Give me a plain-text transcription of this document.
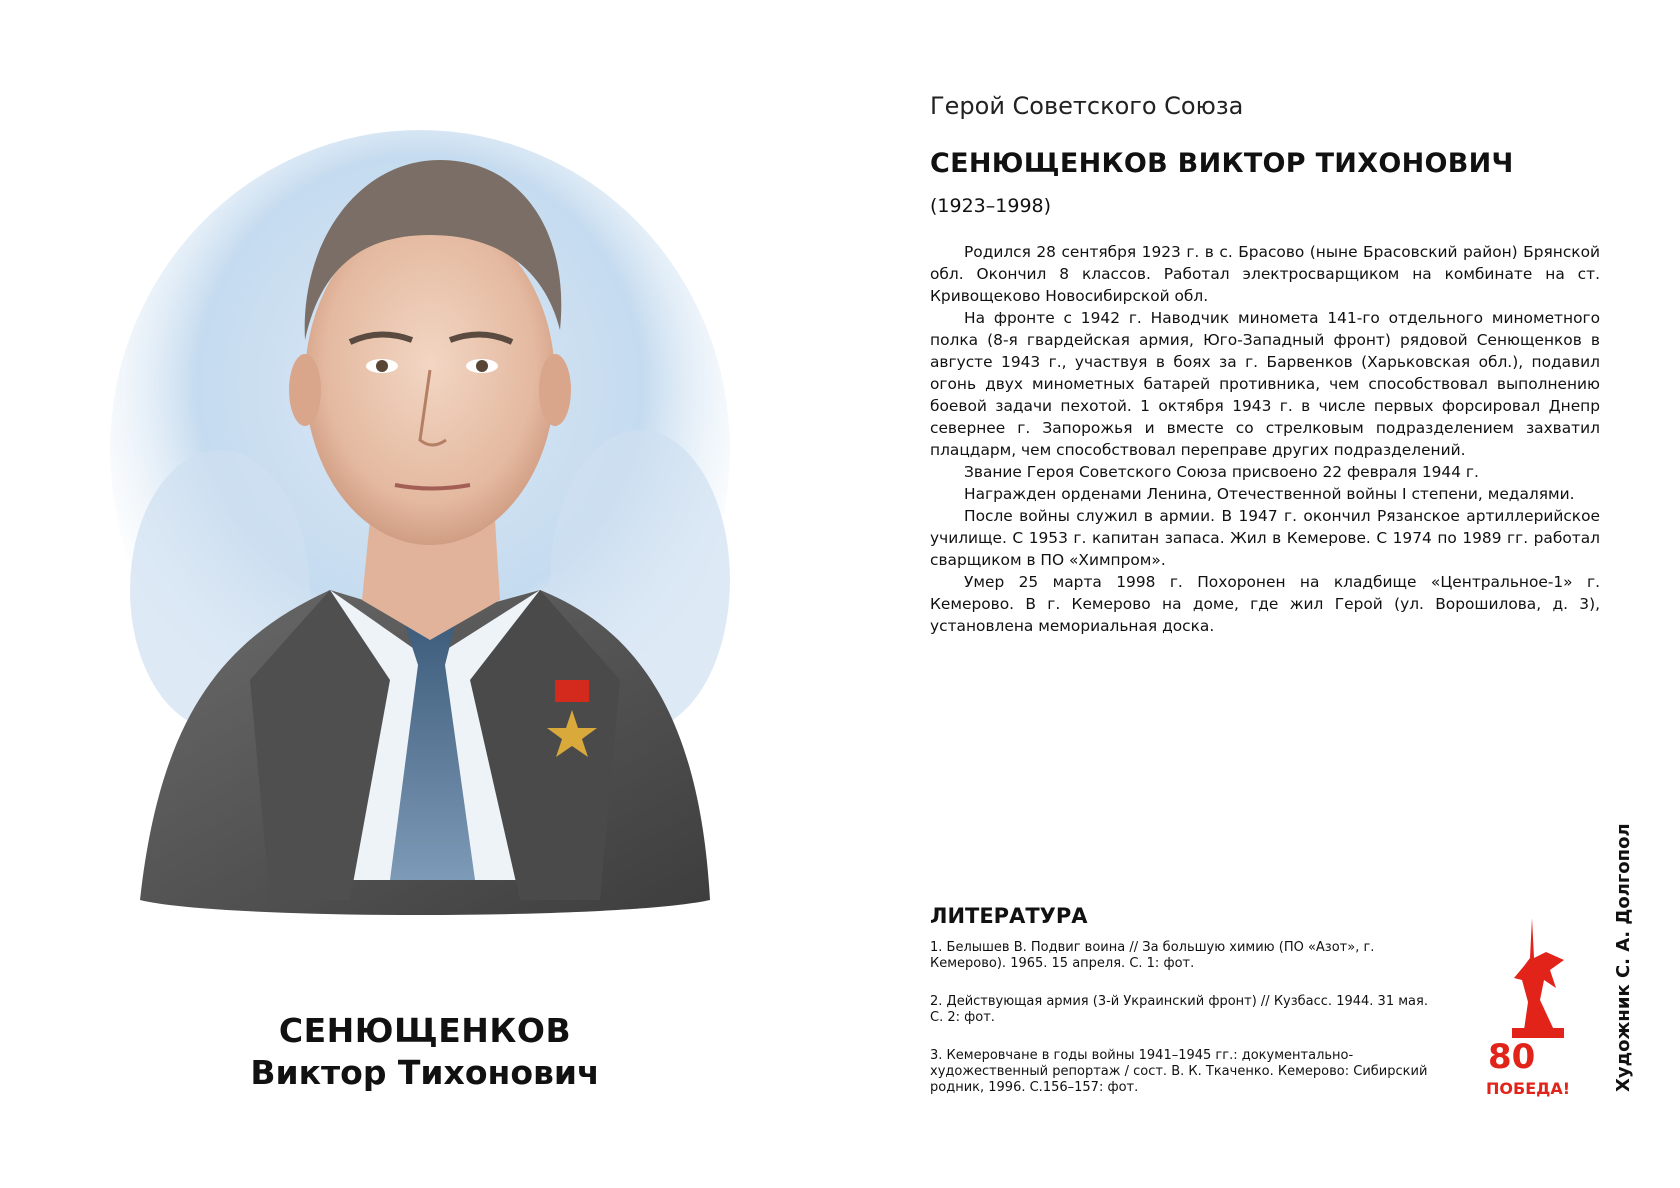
СЕНЮЩЕНКОВ
Виктор Тихонович
Герой Советского Союза
СЕНЮЩЕНКОВ ВИКТОР ТИХОНОВИЧ
(1923–1998)

Родился 28 сентября 1923 г. в с. Брасово (ныне Брасовский район) Брянской обл. Окончил 8 классов. Работал электросварщиком на комбинате на ст. Кривощеково Новосибирской обл.

На фронте с 1942 г. Наводчик миномета 141-го отдельного минометного полка (8-я гвардейская армия, Юго-Западный фронт) рядовой Сенющенков в августе 1943 г., участвуя в боях за г. Барвенков (Харьковская обл.), подавил огонь двух минометных батарей противника, чем способствовал выполнению боевой задачи пехотой. 1 октября 1943 г. в числе первых форсировал Днепр севернее г. Запорожья и вместе со стрелковым подразделением захватил плацдарм, чем способствовал переправе других подразделений.

Звание Героя Советского Союза присвоено 22 февраля 1944 г.

Награжден орденами Ленина, Отечественной войны I степени, медалями.

После войны служил в армии. В 1947 г. окончил Рязанское артиллерийское училище. С 1953 г. капитан запаса. Жил в Кемерове. С 1974 по 1989 гг. работал сварщиком в ПО «Химпром».

Умер 25 марта 1998 г. Похоронен на кладбище «Центральное-1» г. Кемерово. В г. Кемерово на доме, где жил Герой (ул. Ворошилова, д. 3), установлена мемориальная доска.

ЛИТЕРАТУРА

1. Белышев В. Подвиг воина // За большую химию (ПО «Азот», г. Кемерово). 1965. 15 апреля. С. 1: фот.

2. Действующая армия (3-й Украинский фронт) // Кузбасс. 1944. 31 мая. С. 2: фот.

3. Кемеровчане в годы войны 1941–1945 гг.: документально-художественный репортаж / сост. В. К. Ткаченко. Кемерово: Сибирский родник, 1996. С.156–157: фот.

80
ПОБЕДА! Художник С. А. Долгопол
